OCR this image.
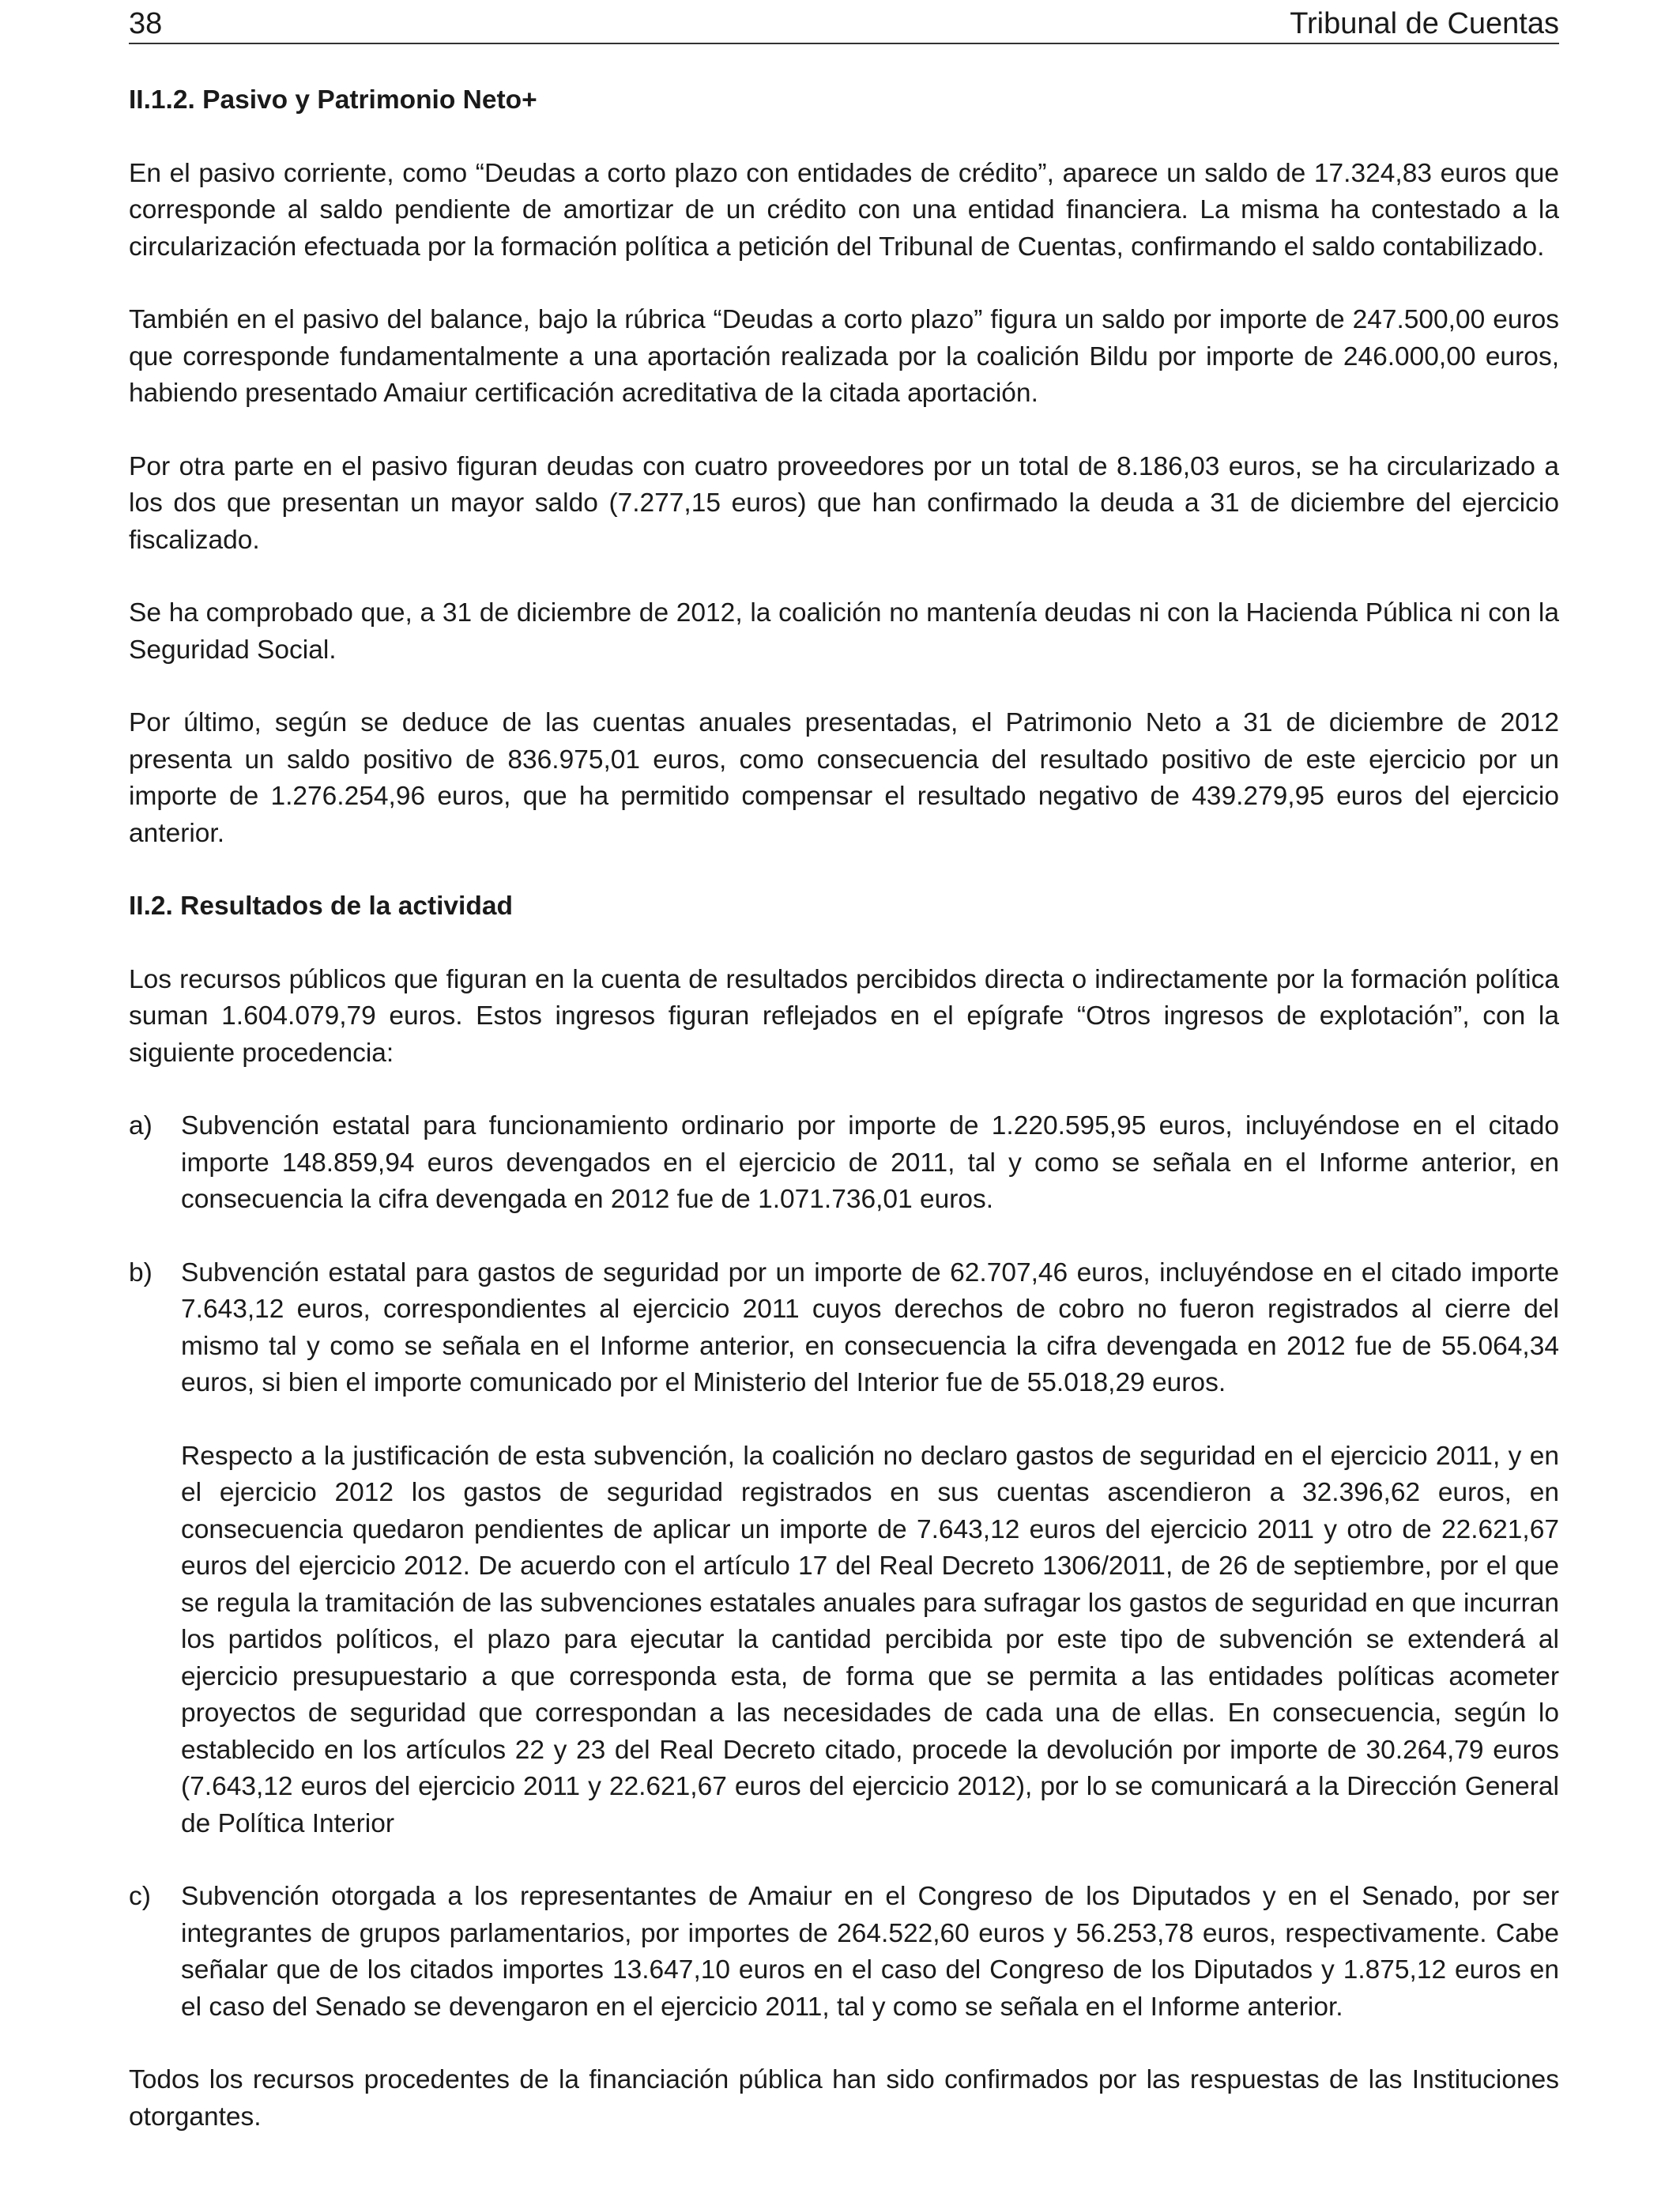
38	Tribunal de Cuentas
II.1.2. Pasivo y Patrimonio Neto+

En el pasivo corriente, como “Deudas a corto plazo con entidades de crédito”, aparece un saldo de 17.324,83 euros que corresponde al saldo pendiente de amortizar de un crédito con una entidad financiera. La misma ha contestado a la circularización efectuada por la formación política a petición del Tribunal de Cuentas, confirmando el saldo contabilizado.

También en el pasivo del balance, bajo la rúbrica “Deudas a corto plazo” figura un saldo por importe de 247.500,00 euros que corresponde fundamentalmente a una aportación realizada por la coalición Bildu por importe de 246.000,00 euros, habiendo presentado Amaiur certificación acreditativa de la citada aportación.

Por otra parte en el pasivo figuran deudas con cuatro proveedores por un total de 8.186,03 euros, se ha circularizado a los dos que presentan un mayor saldo (7.277,15 euros) que han confirmado la deuda a 31 de diciembre del ejercicio fiscalizado.

Se ha comprobado que, a 31 de diciembre de 2012, la coalición no mantenía deudas ni con la Hacienda Pública ni con la Seguridad Social.

Por último, según se deduce de las cuentas anuales presentadas, el Patrimonio Neto a 31 de diciembre de 2012 presenta un saldo positivo de 836.975,01 euros, como consecuencia del resultado positivo de este ejercicio por un importe de 1.276.254,96 euros, que ha permitido compensar el resultado negativo de 439.279,95 euros del ejercicio anterior.

II.2. Resultados de la actividad

Los recursos públicos que figuran en la cuenta de resultados percibidos directa o indirectamente por la formación política suman 1.604.079,79 euros. Estos ingresos figuran reflejados en el epígrafe “Otros ingresos de explotación”, con la siguiente procedencia:

a) Subvención estatal para funcionamiento ordinario por importe de 1.220.595,95 euros, incluyéndose en el citado importe 148.859,94 euros devengados en el ejercicio de 2011, tal y como se señala en el Informe anterior, en consecuencia la cifra devengada en 2012 fue de 1.071.736,01 euros.

b) Subvención estatal para gastos de seguridad por un importe de 62.707,46 euros, incluyéndose en el citado importe 7.643,12 euros, correspondientes al ejercicio 2011 cuyos derechos de cobro no fueron registrados al cierre del mismo tal y como se señala en el Informe anterior, en consecuencia la cifra devengada en 2012 fue de 55.064,34 euros, si bien el importe comunicado por el Ministerio del Interior fue de 55.018,29 euros.

Respecto a la justificación de esta subvención, la coalición no declaro gastos de seguridad en el ejercicio 2011, y en el ejercicio 2012 los gastos de seguridad registrados en sus cuentas ascendieron a 32.396,62 euros, en consecuencia quedaron pendientes de aplicar un importe de 7.643,12 euros del ejercicio 2011 y otro de 22.621,67 euros del ejercicio 2012. De acuerdo con el artículo 17 del Real Decreto 1306/2011, de 26 de septiembre, por el que se regula la tramitación de las subvenciones estatales anuales para sufragar los gastos de seguridad en que incurran los partidos políticos, el plazo para ejecutar la cantidad percibida por este tipo de subvención se extenderá al ejercicio presupuestario a que corresponda esta, de forma que se permita a las entidades políticas acometer proyectos de seguridad que correspondan a las necesidades de cada una de ellas. En consecuencia, según lo establecido en los artículos 22 y 23 del Real Decreto citado, procede la devolución por importe de 30.264,79 euros (7.643,12 euros del ejercicio 2011 y 22.621,67 euros del ejercicio 2012), por lo se comunicará a la Dirección General de Política Interior

c) Subvención otorgada a los representantes de Amaiur en el Congreso de los Diputados y en el Senado, por ser integrantes de grupos parlamentarios, por importes de 264.522,60 euros y 56.253,78 euros, respectivamente. Cabe señalar que de los citados importes 13.647,10 euros en el caso del Congreso de los Diputados y 1.875,12 euros en el caso del Senado se devengaron en el ejercicio 2011, tal y como se señala en el Informe anterior.

Todos los recursos procedentes de la financiación pública han sido confirmados por las respuestas de las Instituciones otorgantes.
